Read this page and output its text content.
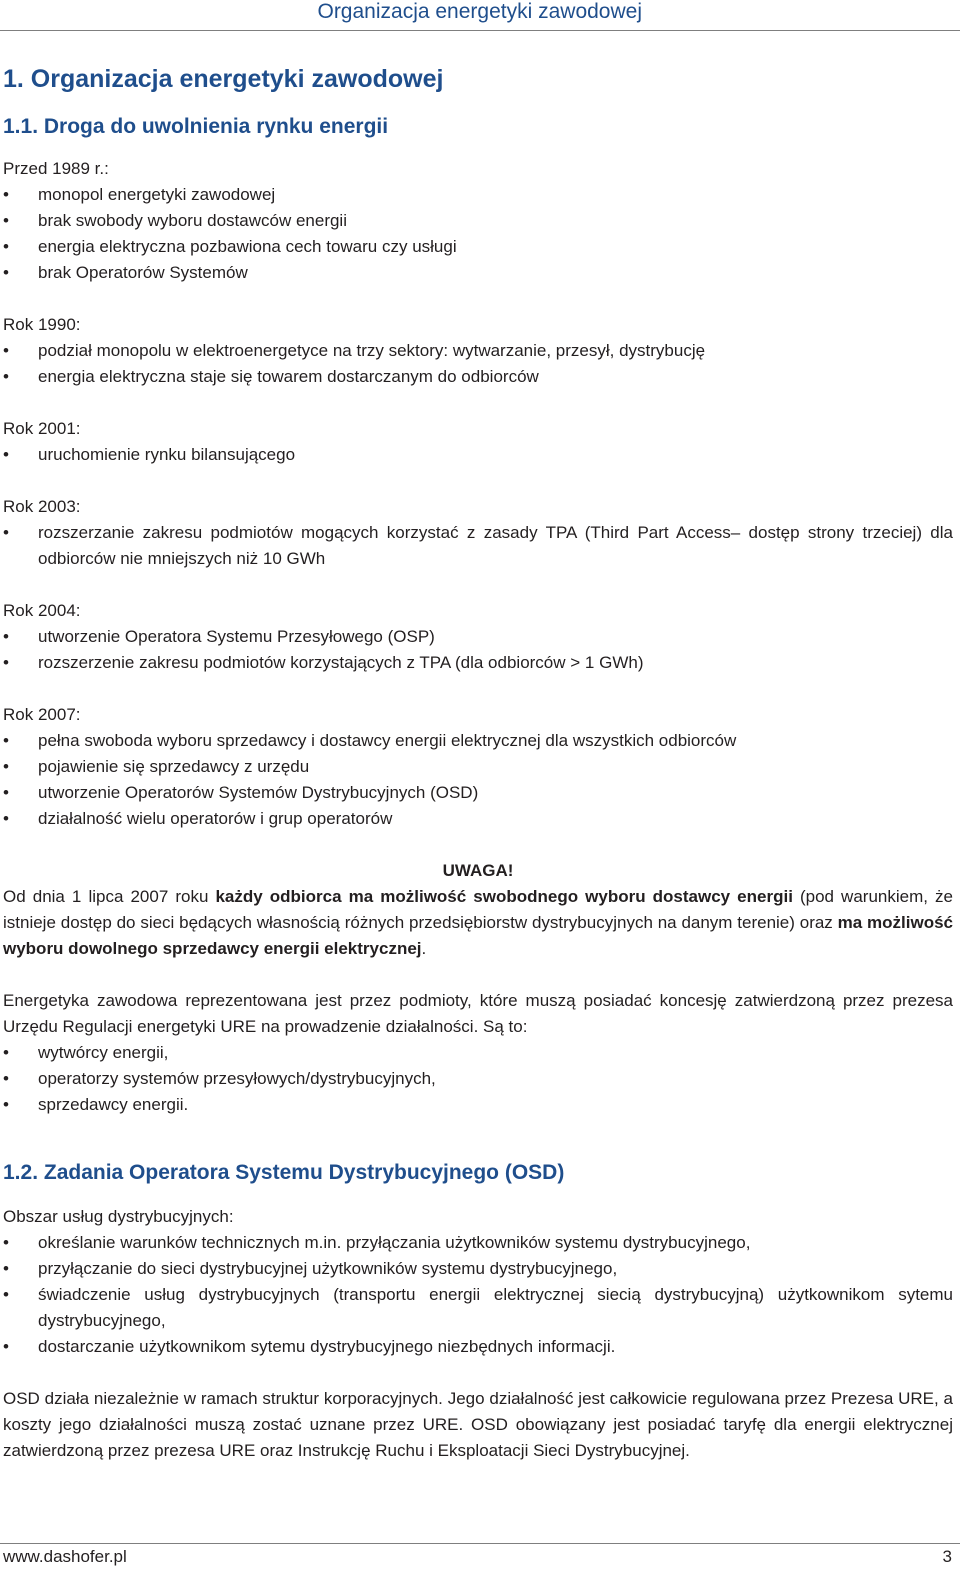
Organizacja energetyki zawodowej
1. Organizacja energetyki zawodowej
1.1. Droga do uwolnienia rynku energii

Przed 1989 r.:

•	monopol energetyki zawodowej
•	brak swobody wyboru dostawców energii
•	energia elektryczna pozbawiona cech towaru czy usługi
•	brak Operatorów Systemów

Rok 1990:

•	podział monopolu w elektroenergetyce na trzy sektory: wytwarzanie, przesył, dystrybucję
•	energia elektryczna staje się towarem dostarczanym do odbiorców

Rok 2001:

•	uruchomienie rynku bilansującego

Rok 2003:

•	rozszerzanie zakresu podmiotów mogących korzystać z zasady TPA (Third Part Access– dostęp strony trzeciej) dla odbiorców nie mniejszych niż 10 GWh

Rok 2004:

•	utworzenie Operatora Systemu Przesyłowego (OSP)
•	rozszerzenie zakresu podmiotów korzystających z TPA (dla odbiorców > 1 GWh)

Rok 2007:

•	pełna swoboda wyboru sprzedawcy i dostawcy energii elektrycznej dla wszystkich odbiorców
•	pojawienie się sprzedawcy z urzędu
•	utworzenie Operatorów Systemów Dystrybucyjnych (OSD)
•	działalność wielu operatorów i grup operatorów

UWAGA!

Od dnia 1 lipca 2007 roku każdy odbiorca ma możliwość swobodnego wyboru dostawcy energii (pod warunkiem, że istnieje dostęp do sieci będących własnością różnych przedsiębiorstw dystrybucyjnych na danym terenie) oraz ma możliwość wyboru dowolnego sprzedawcy energii elektrycznej.

Energetyka zawodowa reprezentowana jest przez podmioty, które muszą posiadać koncesję zatwierdzoną przez prezesa Urzędu Regulacji energetyki URE na prowadzenie działalności. Są to:

•	wytwórcy energii,
•	operatorzy systemów przesyłowych/dystrybucyjnych,
•	sprzedawcy energii.
1.2. Zadania Operatora Systemu Dystrybucyjnego (OSD)

Obszar usług dystrybucyjnych:

•	określanie warunków technicznych m.in. przyłączania użytkowników systemu dystrybucyjnego,
•	przyłączanie do sieci dystrybucyjnej użytkowników systemu dystrybucyjnego,
•	świadczenie usług dystrybucyjnych (transportu energii elektrycznej siecią dystrybucyjną) użytkownikom sytemu dystrybucyjnego,
•	dostarczanie użytkownikom sytemu dystrybucyjnego niezbędnych informacji.

OSD działa niezależnie w ramach struktur korporacyjnych. Jego działalność jest całkowicie regulowana przez Prezesa URE, a koszty jego działalności muszą zostać uznane przez URE. OSD obowiązany jest posiadać taryfę dla energii elektrycznej zatwierdzoną przez prezesa URE oraz Instrukcję Ruchu i Eksploatacji Sieci Dystrybucyjnej.

www.dashofer.pl	3
